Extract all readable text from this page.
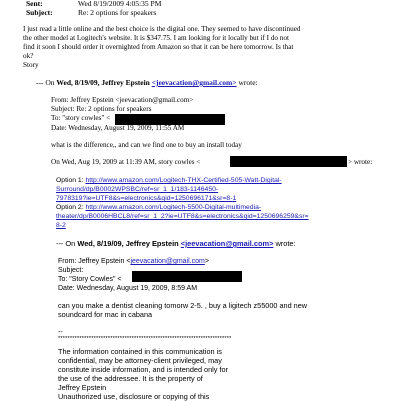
Sent:	Wed 8/19/2009 4:05:35 PM
Subject:	Re: 2 options for speakers
I just read a little online and the best choice is the digital one. They seemed to have discontinued
the other model at Logitech's website. It is $347.75. I am looking for it locally but if I do not
find it soon I should order it overnighted from Amazon so that it can be here tomorrow. Is that
ok?
Story
--- On Wed, 8/19/09, Jeffrey Epstein <jeevacation@gmail.com> wrote:
From: Jeffrey Epstein <jeevacation@gmail.com>
Subject: Re: 2 options for speakers
To: "story cowles" <
Date: Wednesday, August 19, 2009, 11:55 AM
what is the difference,, and can we find one to buy an install today
On Wed, Aug 19, 2009 at 11:39 AM, story cowles <	> wrote:
Option 1: http://www.amazon.com/Logitech-THX-Certified-505-Watt-Digital-
Surround/dp/B0002WPSBC/ref=sr_1_1/183-1146450-
7978319?ie=UTF8&s=electronics&qid=1250696171&sr=8-1
Option 2: http://www.amazon.com/Logitech-5500-Digital-multimedia-
theater/dp/B0006HBCL8/ref=sr_1_2?ie=UTF8&s=electronics&qid=1250696259&sr=
8-2
--- On Wed, 8/19/09, Jeffrey Epstein <jeevacation@gmail.com> wrote:
From: Jeffrey Epstein <jeevacation@gmail.com>
Subject:
To: "Story Cowles" <
Date: Wednesday, August 19, 2009, 8:59 AM
can you make a dentist cleaning tomorw 2-5. , buy a ligitech z55000 and new
soundcard for mac in cabana
--
*************************************************************************
The information contained in this communication is
confidential, may be attorney-client privileged, may
constitute inside information, and is intended only for
the use of the addressee. It is the property of
Jeffrey Epstein
Unauthorized use, disclosure or copying of this
